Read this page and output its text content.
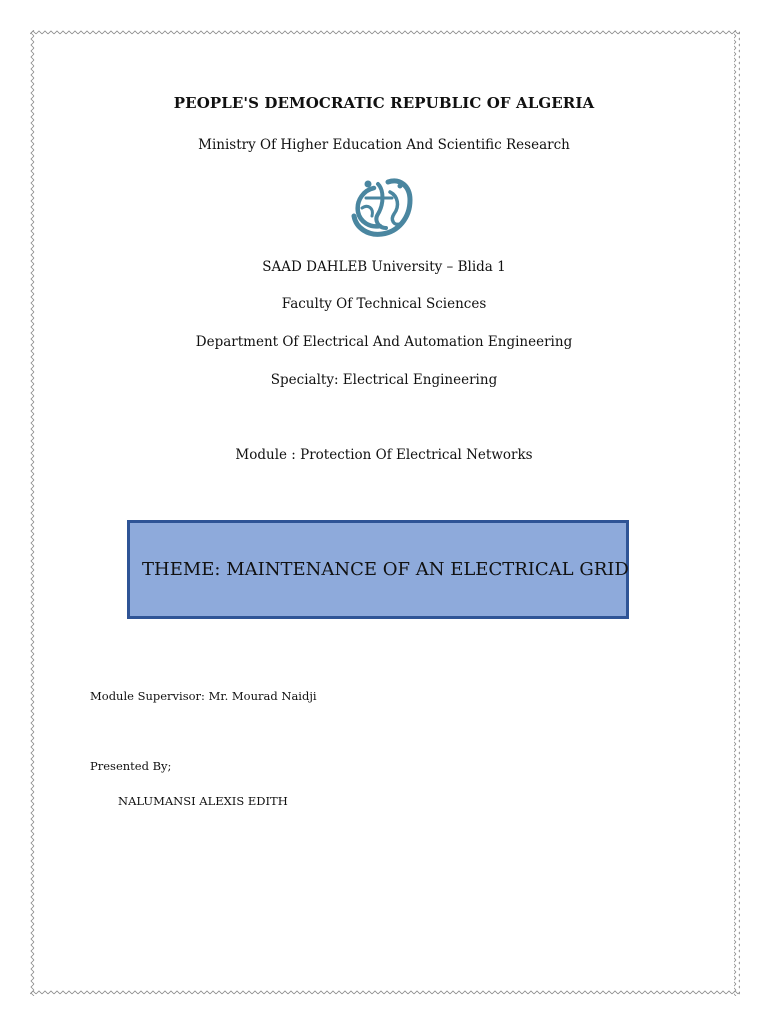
PEOPLE'S DEMOCRATIC REPUBLIC OF ALGERIA
Ministry Of Higher Education And Scientific Research
SAAD DAHLEB University – Blida 1
Faculty Of Technical Sciences
Department Of Electrical And Automation Engineering
Specialty: Electrical Engineering
Module : Protection Of Electrical Networks
THEME: MAINTENANCE OF AN ELECTRICAL GRID
Module Supervisor: Mr. Mourad Naidji
Presented By;
NALUMANSI ALEXIS EDITH
